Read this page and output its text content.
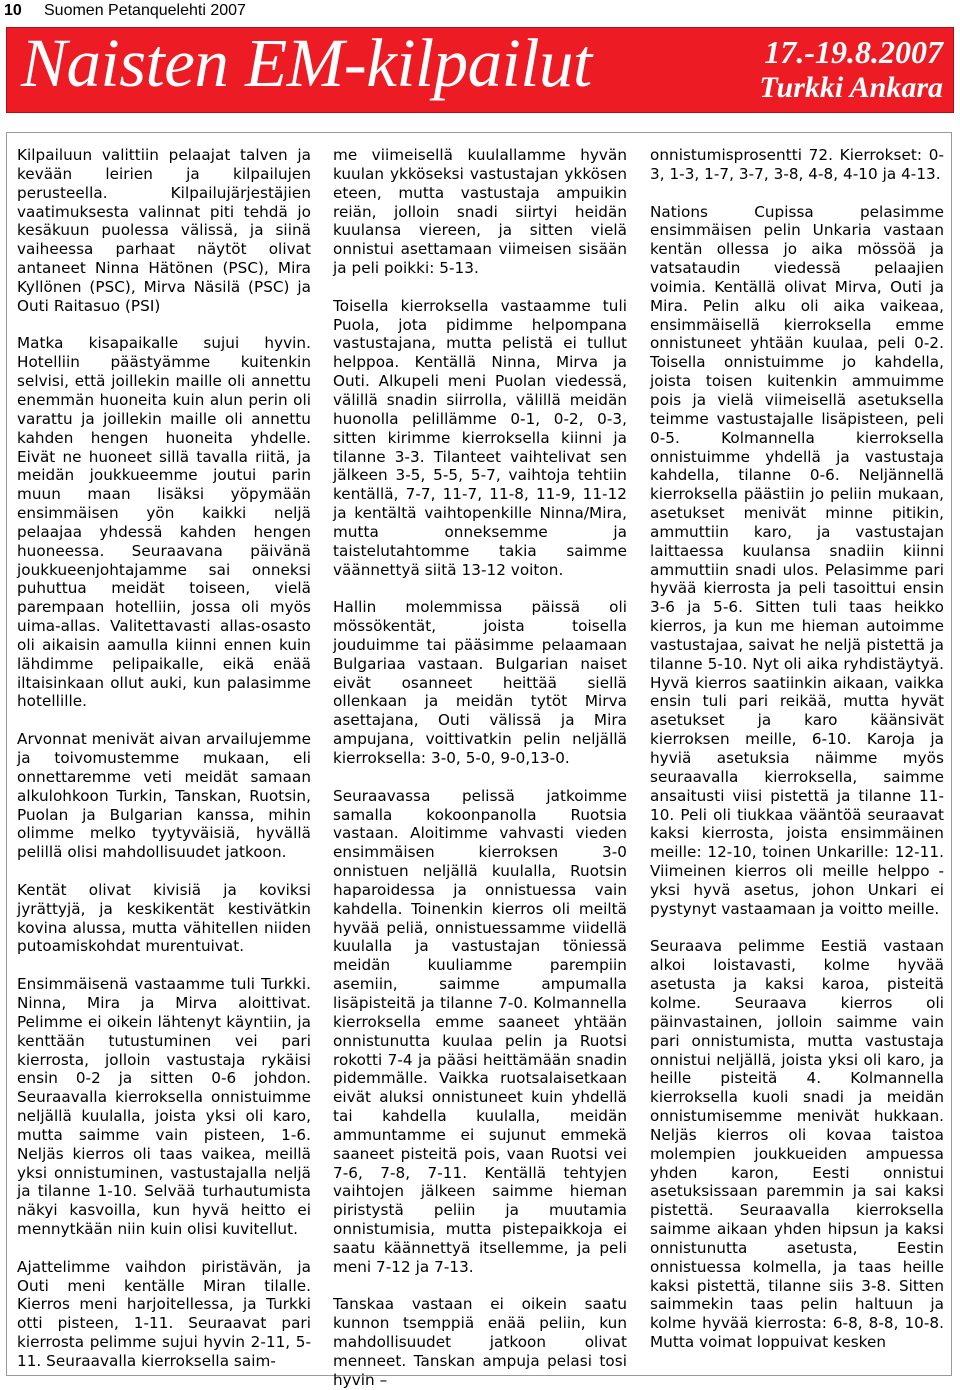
10 Suomen Petanquelehti 2007
Naisten EM-kilpailut	17.-19.8.2007
Turkki Ankara

Kilpailuun valittiin pelaajat talven ja kevään leirien ja kilpailujen perusteella. Kilpailujärjestäjien vaatimuksesta valinnat piti tehdä jo kesäkuun puolessa välissä, ja siinä vaiheessa parhaat näytöt olivat antaneet Ninna Hätönen (PSC), Mira Kyllönen (PSC), Mirva Näsilä (PSC) ja Outi Raitasuo (PSI)

Matka kisapaikalle sujui hyvin. Hotelliin päästyämme kuitenkin selvisi, että joillekin maille oli annettu enemmän huoneita kuin alun perin oli varattu ja joillekin maille oli annettu kahden hengen huoneita yhdelle. Eivät ne huoneet sillä tavalla riitä, ja meidän joukkueemme joutui parin muun maan lisäksi yöpymään ensimmäisen yön kaikki neljä pelaajaa yhdessä kahden hengen huoneessa. Seuraavana päivänä joukkueenjohtajamme sai onneksi puhuttua meidät toiseen, vielä parempaan hotelliin, jossa oli myös uima-allas. Valitettavasti allas-osasto oli aikaisin aamulla kiinni ennen kuin lähdimme pelipaikalle, eikä enää iltaisinkaan ollut auki, kun palasimme hotellille.

Arvonnat menivät aivan arvailujemme ja toivomustemme mukaan, eli onnettaremme veti meidät samaan alkulohkoon Turkin, Tanskan, Ruotsin, Puolan ja Bulgarian kanssa, mihin olimme melko tyytyväisiä, hyvällä pelillä olisi mahdollisuudet jatkoon.

Kentät olivat kivisiä ja koviksi jyrättyjä, ja keskikentät kestivätkin kovina alussa, mutta vähitellen niiden putoamiskohdat murentuivat.

Ensimmäisenä vastaamme tuli Turkki. Ninna, Mira ja Mirva aloittivat. Pelimme ei oikein lähtenyt käyntiin, ja kenttään tutustuminen vei pari kierrosta, jolloin vastustaja rykäisi ensin 0-2 ja sitten 0-6 johdon. Seuraavalla kierroksella onnistuimme neljällä kuulalla, joista yksi oli karo, mutta saimme vain pisteen, 1-6. Neljäs kierros oli taas vaikea, meillä yksi onnistuminen, vastustajalla neljä ja tilanne 1-10. Selvää turhautumista näkyi kasvoilla, kun hyvä heitto ei mennytkään niin kuin olisi kuvitellut.

Ajattelimme vaihdon piristävän, ja Outi meni kentälle Miran tilalle. Kierros meni harjoitellessa, ja Turkki otti pisteen, 1-11. Seuraavat pari kierrosta pelimme sujui hyvin 2-11, 5-11. Seuraavalla kierroksella saim-

me viimeisellä kuulallamme hyvän kuulan ykköseksi vastustajan ykkösen eteen, mutta vastustaja ampuikin reiän, jolloin snadi siirtyi heidän kuulansa viereen, ja sitten vielä onnistui asettamaan viimeisen sisään ja peli poikki: 5-13.

Toisella kierroksella vastaamme tuli Puola, jota pidimme helpompana vastustajana, mutta pelistä ei tullut helppoa. Kentällä Ninna, Mirva ja Outi. Alkupeli meni Puolan viedessä, välillä snadin siirrolla, välillä meidän huonolla pelillämme 0-1, 0-2, 0-3, sitten kirimme kierroksella kiinni ja tilanne 3-3. Tilanteet vaihtelivat sen jälkeen 3-5, 5-5, 5-7, vaihtoja tehtiin kentällä, 7-7, 11-7, 11-8, 11-9, 11-12 ja kentältä vaihtopenkille Ninna/Mira, mutta onneksemme ja taistelutahtomme takia saimme väännettyä siitä 13-12 voiton.

Hallin molemmissa päissä oli mössökentät, joista toisella jouduimme tai pääsimme pelaamaan Bulgariaa vastaan. Bulgarian naiset eivät osanneet heittää siellä ollenkaan ja meidän tytöt Mirva asettajana, Outi välissä ja Mira ampujana, voittivatkin pelin neljällä kierroksella: 3-0, 5-0, 9-0,13-0.

Seuraavassa pelissä jatkoimme samalla kokoonpanolla Ruotsia vastaan. Aloitimme vahvasti vieden ensimmäisen kierroksen 3-0 onnistuen neljällä kuulalla, Ruotsin haparoidessa ja onnistuessa vain kahdella. Toinenkin kierros oli meiltä hyvää peliä, onnistuessamme viidellä kuulalla ja vastustajan töniessä meidän kuuliamme parempiin asemiin, saimme ampumalla lisäpisteitä ja tilanne 7-0. Kolmannella kierroksella emme saaneet yhtään onnistunutta kuulaa pelin ja Ruotsi rokotti 7-4 ja pääsi heittämään snadin pidemmälle. Vaikka ruotsalaisetkaan eivät aluksi onnistuneet kuin yhdellä tai kahdella kuulalla, meidän ammuntamme ei sujunut emmekä saaneet pisteitä pois, vaan Ruotsi vei 7-6, 7-8, 7-11. Kentällä tehtyjen vaihtojen jälkeen saimme hieman piristystä peliin ja muutamia onnistumisia, mutta pistepaikkoja ei saatu käännettyä itsellemme, ja peli meni 7-12 ja 7-13.

Tanskaa vastaan ei oikein saatu kunnon tsemppiä enää peliin, kun mahdollisuudet jatkoon olivat menneet. Tanskan ampuja pelasi tosi hyvin –

onnistumisprosentti 72. Kierrokset: 0-3, 1-3, 1-7, 3-7, 3-8, 4-8, 4-10 ja 4-13.

Nations Cupissa pelasimme ensimmäisen pelin Unkaria vastaan kentän ollessa jo aika mössöä ja vatsataudin viedessä pelaajien voimia. Kentällä olivat Mirva, Outi ja Mira. Pelin alku oli aika vaikeaa, ensimmäisellä kierroksella emme onnistuneet yhtään kuulaa, peli 0-2. Toisella onnistuimme jo kahdella, joista toisen kuitenkin ammuimme pois ja vielä viimeisellä asetuksella teimme vastustajalle lisäpisteen, peli 0-5. Kolmannella kierroksella onnistuimme yhdellä ja vastustaja kahdella, tilanne 0-6. Neljännellä kierroksella päästiin jo peliin mukaan, asetukset menivät minne pitikin, ammuttiin karo, ja vastustajan laittaessa kuulansa snadiin kiinni ammuttiin snadi ulos. Pelasimme pari hyvää kierrosta ja peli tasoittui ensin 3-6 ja 5-6. Sitten tuli taas heikko kierros, ja kun me hieman autoimme vastustajaa, saivat he neljä pistettä ja tilanne 5-10. Nyt oli aika ryhdistäytyä. Hyvä kierros saatiinkin aikaan, vaikka ensin tuli pari reikää, mutta hyvät asetukset ja karo käänsivät kierroksen meille, 6-10. Karoja ja hyviä asetuksia näimme myös seuraavalla kierroksella, saimme ansaitusti viisi pistettä ja tilanne 11-10. Peli oli tiukkaa vääntöä seuraavat kaksi kierrosta, joista ensimmäinen meille: 12-10, toinen Unkarille: 12-11. Viimeinen kierros oli meille helppo - yksi hyvä asetus, johon Unkari ei pystynyt vastaamaan ja voitto meille.

Seuraava pelimme Eestiä vastaan alkoi loistavasti, kolme hyvää asetusta ja kaksi karoa, pisteitä kolme. Seuraava kierros oli päinvastainen, jolloin saimme vain pari onnistumista, mutta vastustaja onnistui neljällä, joista yksi oli karo, ja heille pisteitä 4. Kolmannella kierroksella kuoli snadi ja meidän onnistumisemme menivät hukkaan. Neljäs kierros oli kovaa taistoa molempien joukkueiden ampuessa yhden karon, Eesti onnistui asetuksissaan paremmin ja sai kaksi pistettä. Seuraavalla kierroksella saimme aikaan yhden hipsun ja kaksi onnistunutta asetusta, Eestin onnistuessa kolmella, ja taas heille kaksi pistettä, tilanne siis 3-8. Sitten saimmekin taas pelin haltuun ja kolme hyvää kierrosta: 6-8, 8-8, 10-8. Mutta voimat loppuivat kesken
